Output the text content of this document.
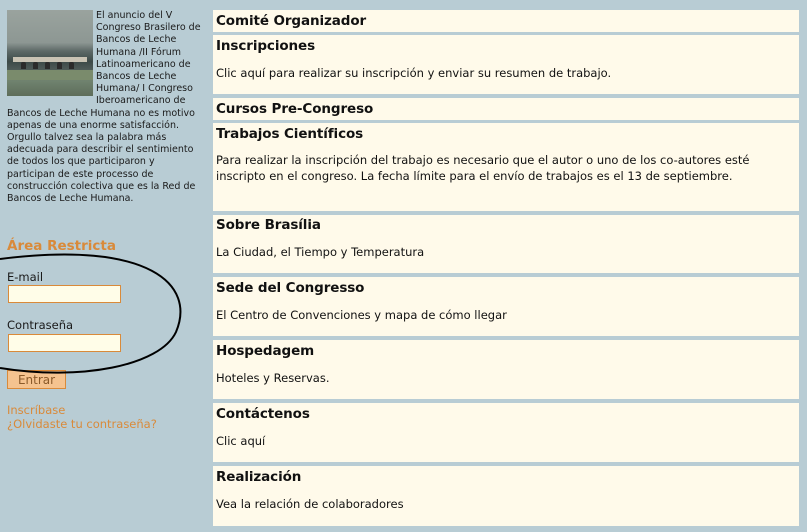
El anuncio del V Congreso Brasilero de Bancos de Leche Humana /II Fórum Latinoamericano de Bancos de Leche Humana/ I Congreso Iberoamericano de Bancos de Leche Humana no es motivo apenas de una enorme satisfacción. Orgullo talvez sea la palabra más adecuada para describir el sentimiento de todos los que participaron y participan de este processo de construcción colectiva que es la Red de Bancos de Leche Humana.
Área Restricta
E-mail
Contraseña
Entrar
Inscríbase
¿Olvidaste tu contraseña?
Comité Organizador
Inscripciones

Clic aquí para realizar su inscripción y enviar su resumen de trabajo.

Cursos Pre-Congreso
Trabajos Científicos

Para realizar la inscripción del trabajo es necesario que el autor o uno de los co-autores esté inscripto en el congreso. La fecha límite para el envío de trabajos es el 13 de septiembre.

Sobre Brasília

La Ciudad, el Tiempo y Temperatura

Sede del Congresso

El Centro de Convenciones y mapa de cómo llegar

Hospedagem

Hoteles y Reservas.

Contáctenos

Clic aquí

Realización

Vea la relación de colaboradores
